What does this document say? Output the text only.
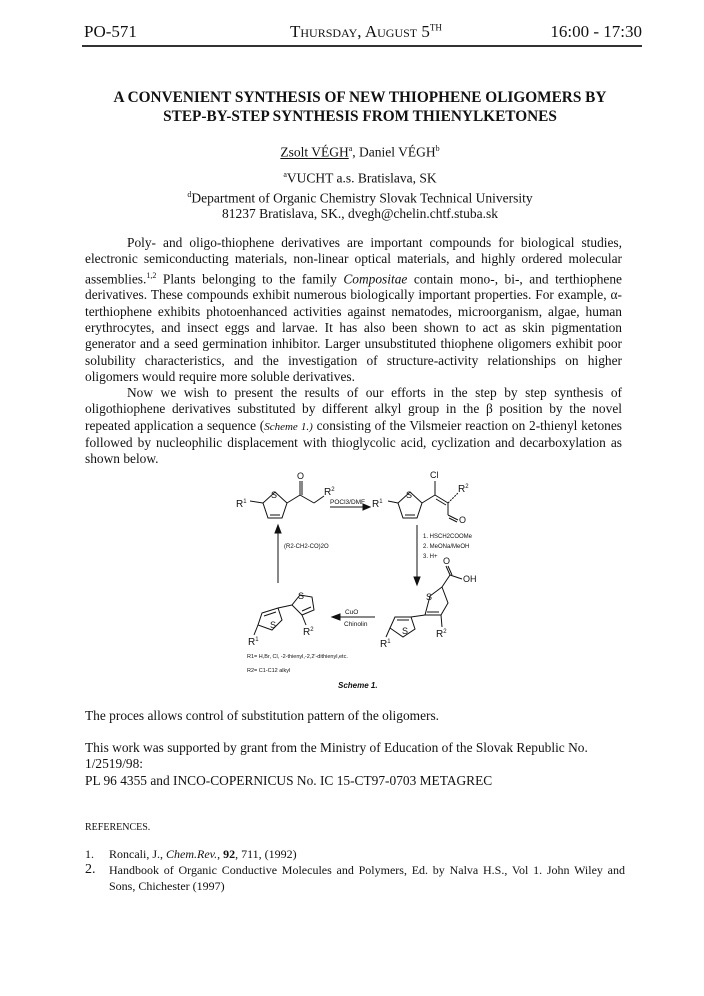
PO-571	Thursday, August 5TH	16:00 - 17:30
A CONVENIENT SYNTHESIS OF NEW THIOPHENE OLIGOMERS BY
STEP-BY-STEP SYNTHESIS FROM THIENYLKETONES
Zsolt VÉGH$^a$, Daniel VÉGH$^b$
$^a$VUCHT a.s. Bratislava, SK
$^d$Department of Organic Chemistry Slovak Technical University
81237 Bratislava, SK., dvegh@chelin.chtf.stuba.sk

Poly- and oligo-thiophene derivatives are important compounds for biological studies, electronic semiconducting materials, non-linear optical materials, and highly ordered molecular assemblies.$^{1,2}$ Plants belonging to the family Compositae contain mono-, bi-, and terthiophene derivatives. These compounds exhibit numerous biologically important properties. For example, α-terthiophene exhibits photoenhanced activities against nematodes, microorganism, algae, human erythrocytes, and insect eggs and larvae. It has also been shown to act as skin pigmentation generator and a seed germination inhibitor. Larger unsubstituted thiophene oligomers exhibit poor solubility characteristics, and the investigation of structure-activity relationships on higher oligomers would require more soluble derivatives.

Now we wish to present the results of our efforts in the step by step synthesis of oligothiophene derivatives substituted by different alkyl group in the β position by the novel repeated application a sequence (Scheme 1.) consisting of the Vilsmeier reaction on 2-thienyl ketones followed by nucleophilic displacement with thioglycolic acid, cyclization and decarboxylation as shown below.

S
O
$R^1$
$R^2$
POCl3/DMF
S
Cl
O
$R^1$
$R^2$
1. HSCH2COOMe
2. MeONa/MeOH
3. H+
S
S
O
OH
$R^1$
$R^2$
CuO
Chinolin
S
S
$R^1$
$R^2$
(R2-CH2-CO)2O
R1= H,Br, Cl, -2-thienyl,-2,2'-dithienyl,etc.
R2= C1-C12 alkyl
Scheme 1.
The proces allows control of substitution pattern of the oligomers.
This work was supported by grant from the Ministry of Education of the Slovak Republic No. 1/2519/98:
PL 96 4355 and INCO-COPERNICUS No. IC 15-CT97-0703 METAGREC
REFERENCES.
1. Roncali, J., Chem.Rev., 92, 711, (1992)
2.	Handbook of Organic Conductive Molecules and Polymers, Ed. by Nalva H.S., Vol 1. John Wiley and Sons, Chichester (1997)
